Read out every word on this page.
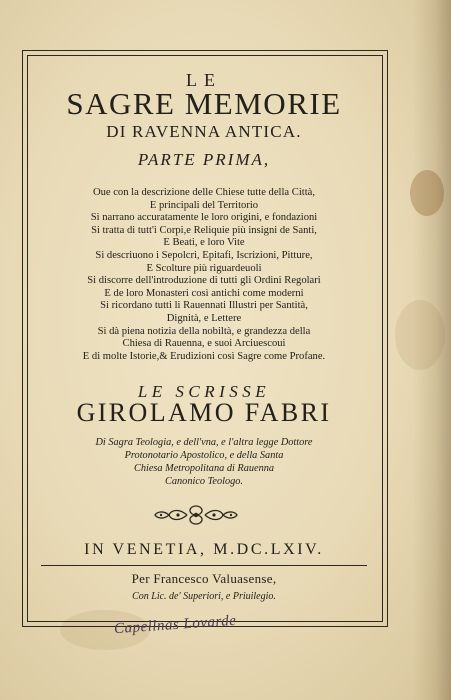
LE
SAGRE MEMORIE
DI RAVENNA ANTICA.
PARTE PRIMA,
Oue con la descrizione delle Chiese tutte della Città,
E principali del Territorio
Si narrano accuratamente le loro origini, e fondazioni
Si tratta di tutt'i Corpi,e Reliquie più insigni de Santi,
E Beati, e loro Vite
Si descriuono i Sepolcri, Epitafi, Iscrizioni, Pitture,
E Scolture più riguardeuoli
Si discorre dell'introduzione di tutti gli Ordini Regolari
E de loro Monasteri così antichi come moderni
Si ricordano tutti li Rauennati Illustri per Santità,
Dignità, e Lettere
Si dà piena notizia della nobiltà, e grandezza della
Chiesa di Rauenna, e suoi Arciuescoui
E di molte Istorie,& Erudizioni così Sagre come Profane.
LE SCRISSE
GIROLAMO FABRI
Di Sagra Teologia, e dell'vna, e l'altra legge Dottore
Protonotario Apostolico, e della Santa
Chiesa Metropolitana di Rauenna
Canonico Teologo.
IN VENETIA, M.DC.LXIV.
Per Francesco Valuasense,
Con Lic. de' Superiori, e Priuilegio.
Capellnas Lovarde
